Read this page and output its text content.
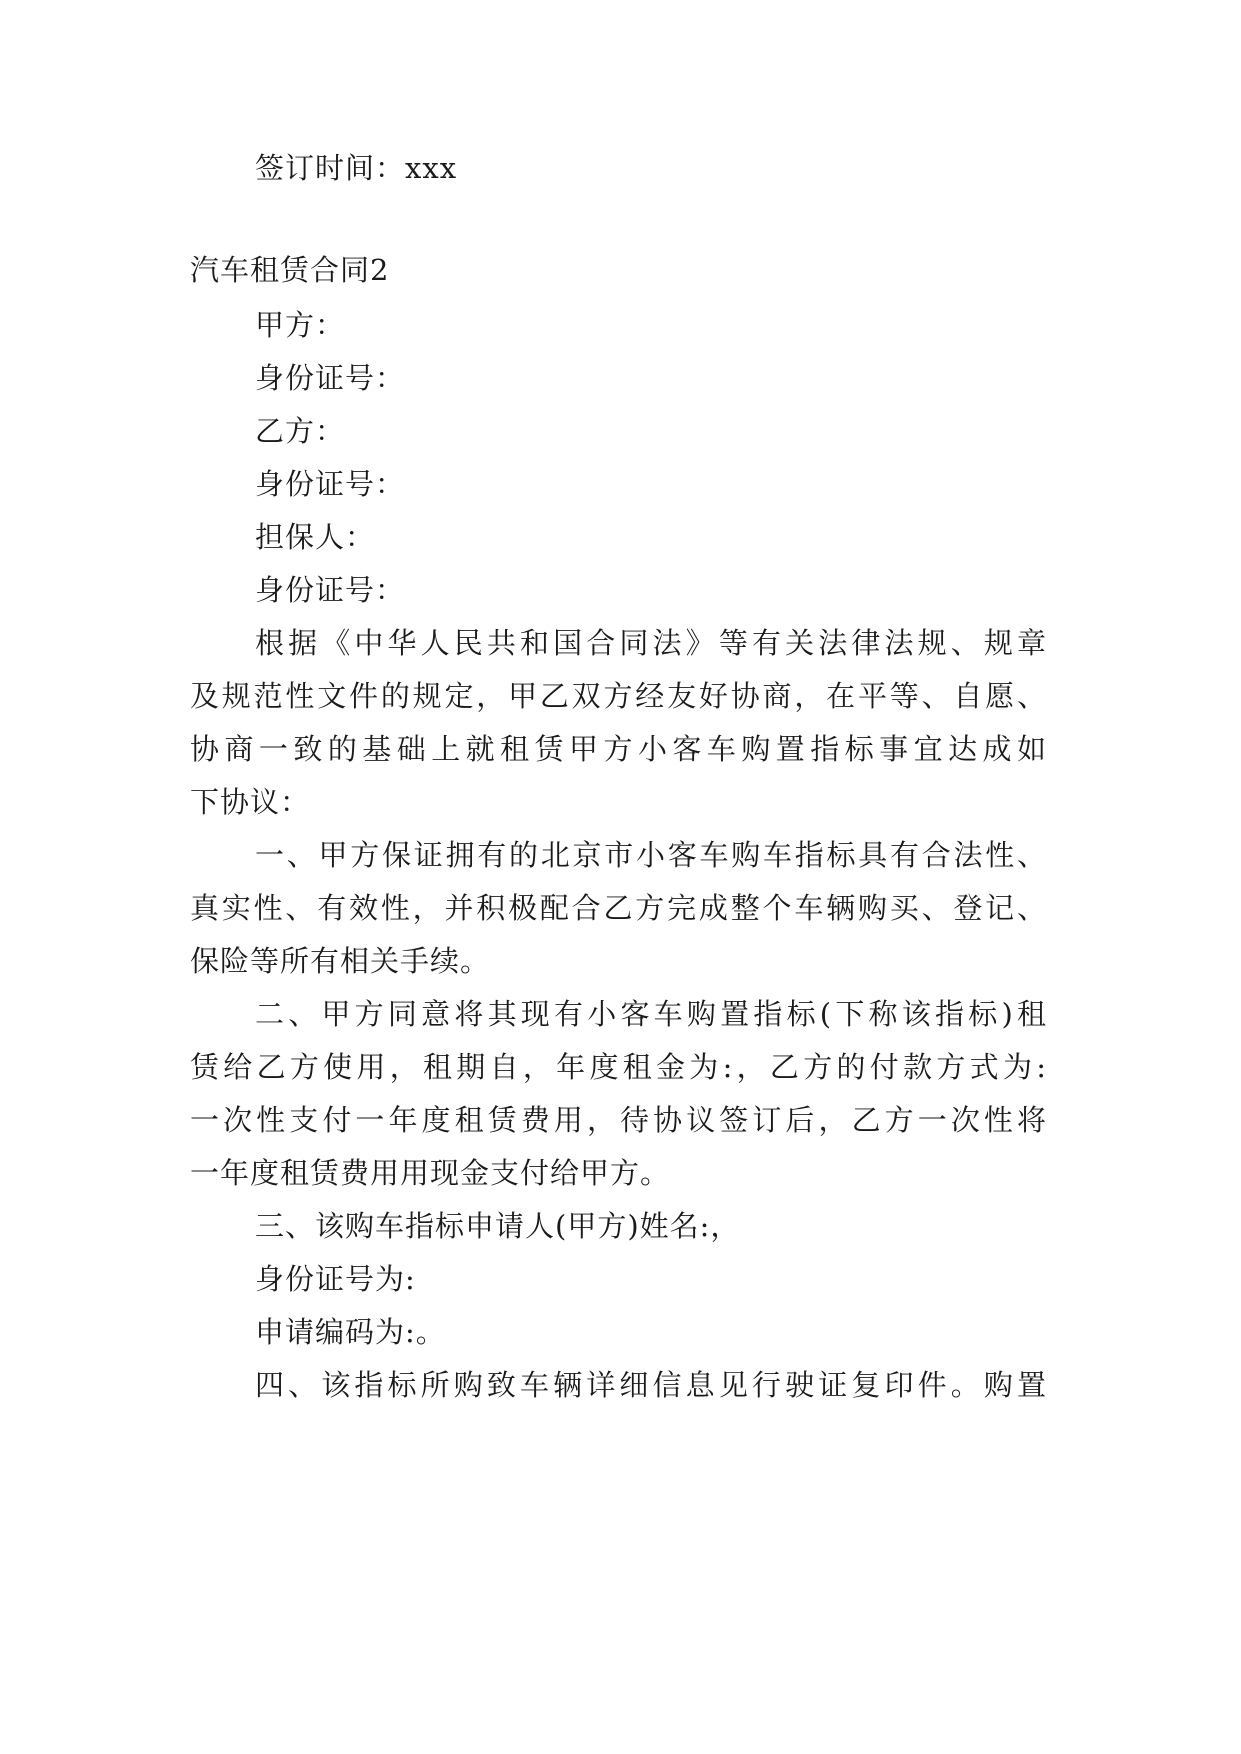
签订时间：xxx
汽车租赁合同2
甲方：
身份证号：
乙方：
身份证号：
担保人：
身份证号：
根据《中华人民共和国合同法》等有关法律法规、规章
及规范性文件的规定，甲乙双方经友好协商，在平等、自愿、
协商一致的基础上就租赁甲方小客车购置指标事宜达成如
下协议：
一、甲方保证拥有的北京市小客车购车指标具有合法性、
真实性、有效性，并积极配合乙方完成整个车辆购买、登记、
保险等所有相关手续。
二、甲方同意将其现有小客车购置指标(下称该指标)租
赁给乙方使用，租期自，年度租金为:，乙方的付款方式为:
一次性支付一年度租赁费用，待协议签订后，乙方一次性将
一年度租赁费用用现金支付给甲方。
三、该购车指标申请人(甲方)姓名:，
身份证号为:
申请编码为:。
四、该指标所购致车辆详细信息见行驶证复印件。购置
